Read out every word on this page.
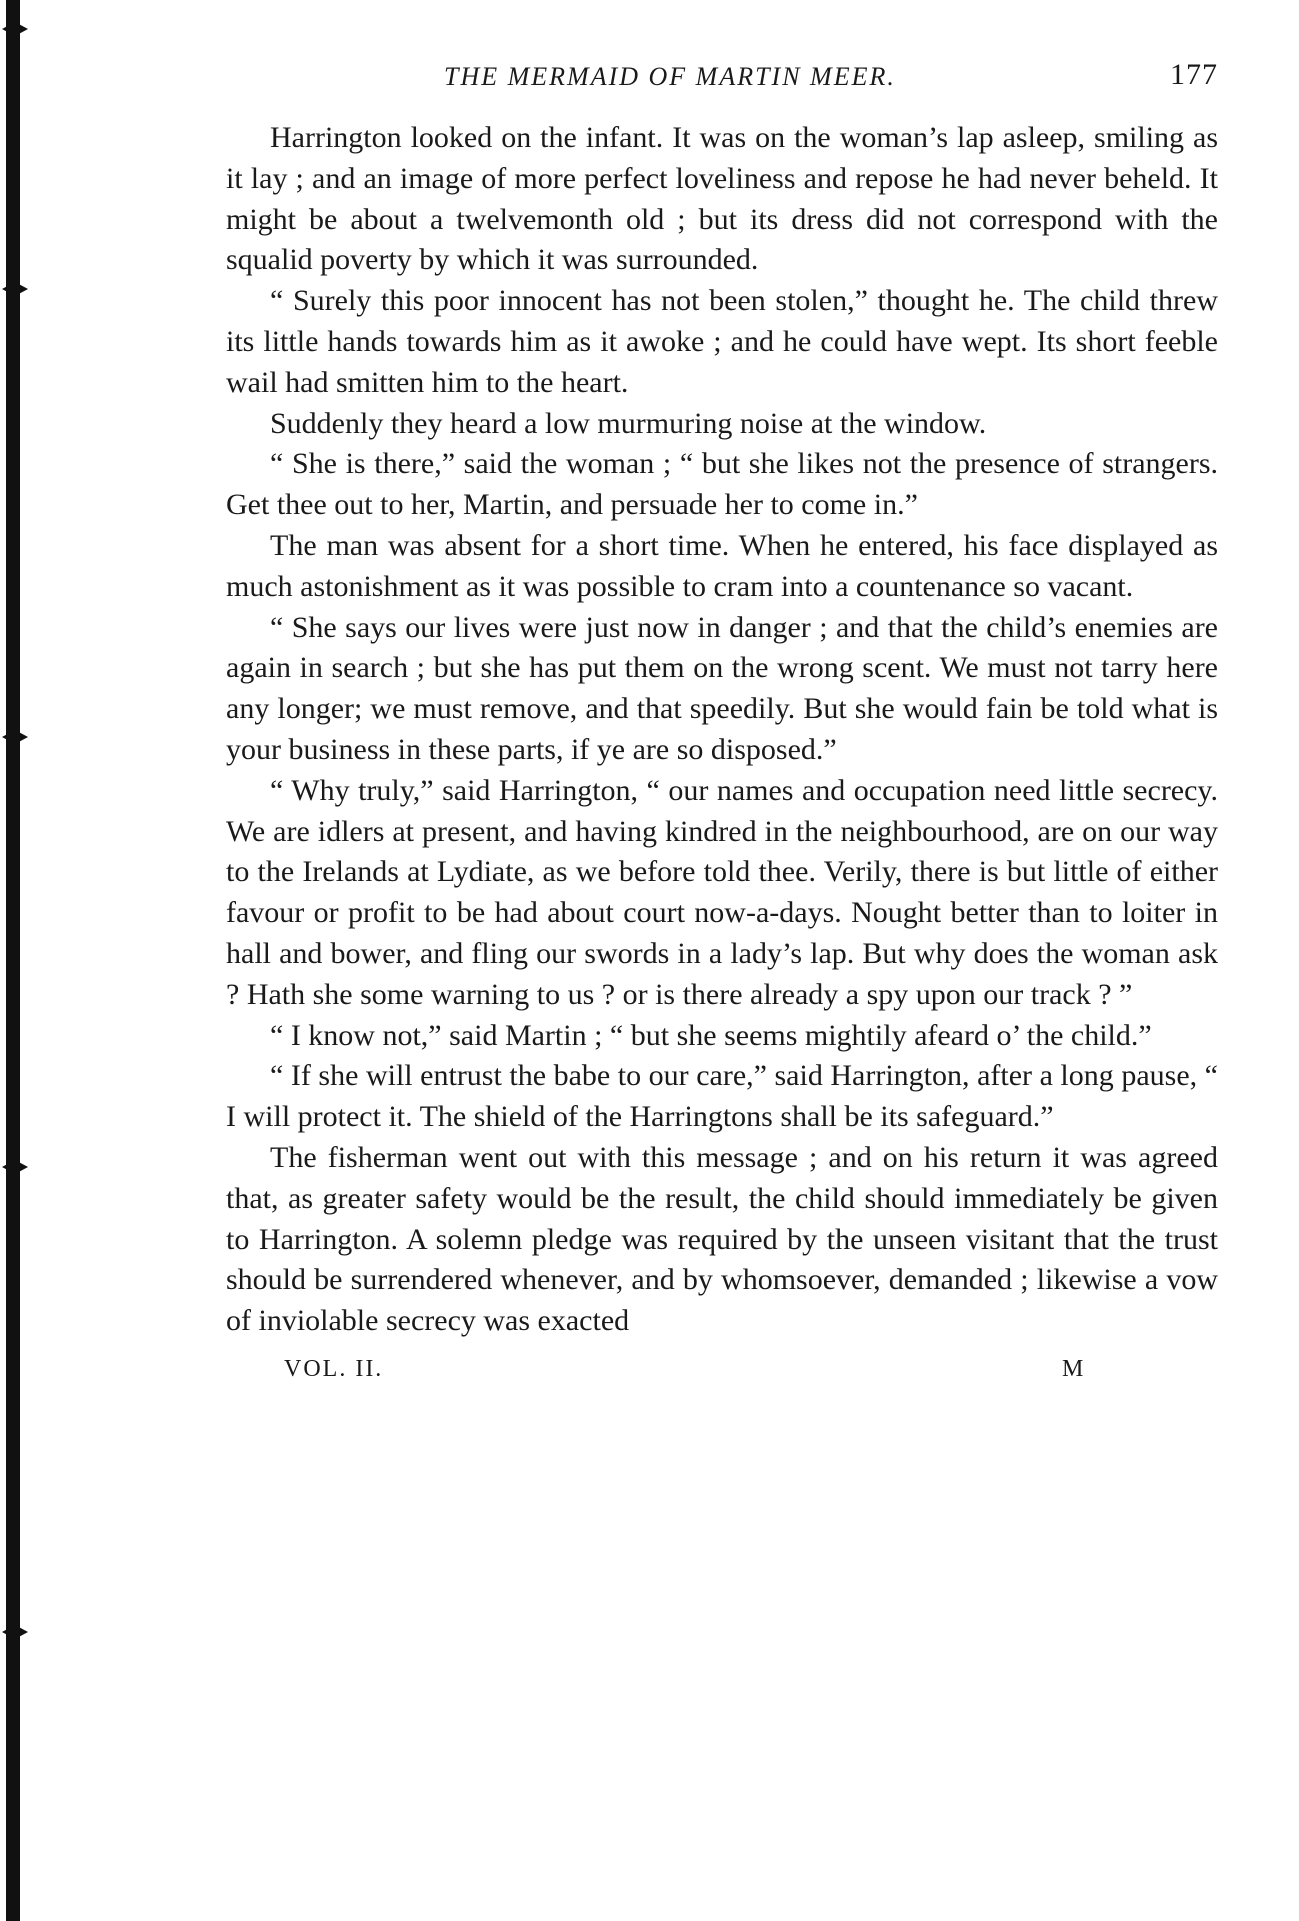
THE MERMAID OF MARTIN MEER.	177

Harrington looked on the infant. It was on the woman’s lap asleep, smiling as it lay ; and an image of more perfect loveliness and repose he had never beheld. It might be about a twelvemonth old ; but its dress did not correspond with the squalid poverty by which it was surrounded.

“ Surely this poor innocent has not been stolen,” thought he. The child threw its little hands towards him as it awoke ; and he could have wept. Its short feeble wail had smitten him to the heart.

Suddenly they heard a low murmuring noise at the window.

“ She is there,” said the woman ; “ but she likes not the presence of strangers. Get thee out to her, Martin, and persuade her to come in.”

The man was absent for a short time. When he entered, his face displayed as much astonishment as it was possible to cram into a countenance so vacant.

“ She says our lives were just now in danger ; and that the child’s enemies are again in search ; but she has put them on the wrong scent. We must not tarry here any longer; we must remove, and that speedily. But she would fain be told what is your business in these parts, if ye are so disposed.”

“ Why truly,” said Harrington, “ our names and occupation need little secrecy. We are idlers at present, and having kindred in the neighbourhood, are on our way to the Irelands at Lydiate, as we before told thee. Verily, there is but little of either favour or profit to be had about court now-a-days. Nought better than to loiter in hall and bower, and fling our swords in a lady’s lap. But why does the woman ask ? Hath she some warning to us ? or is there already a spy upon our track ? ”

“ I know not,” said Martin ; “ but she seems mightily afeard o’ the child.”

“ If she will entrust the babe to our care,” said Harrington, after a long pause, “ I will protect it. The shield of the Harringtons shall be its safeguard.”

The fisherman went out with this message ; and on his return it was agreed that, as greater safety would be the result, the child should immediately be given to Harrington. A solemn pledge was required by the unseen visitant that the trust should be surrendered whenever, and by whomsoever, demanded ; likewise a vow of inviolable secrecy was exacted

VOL. II.	M
